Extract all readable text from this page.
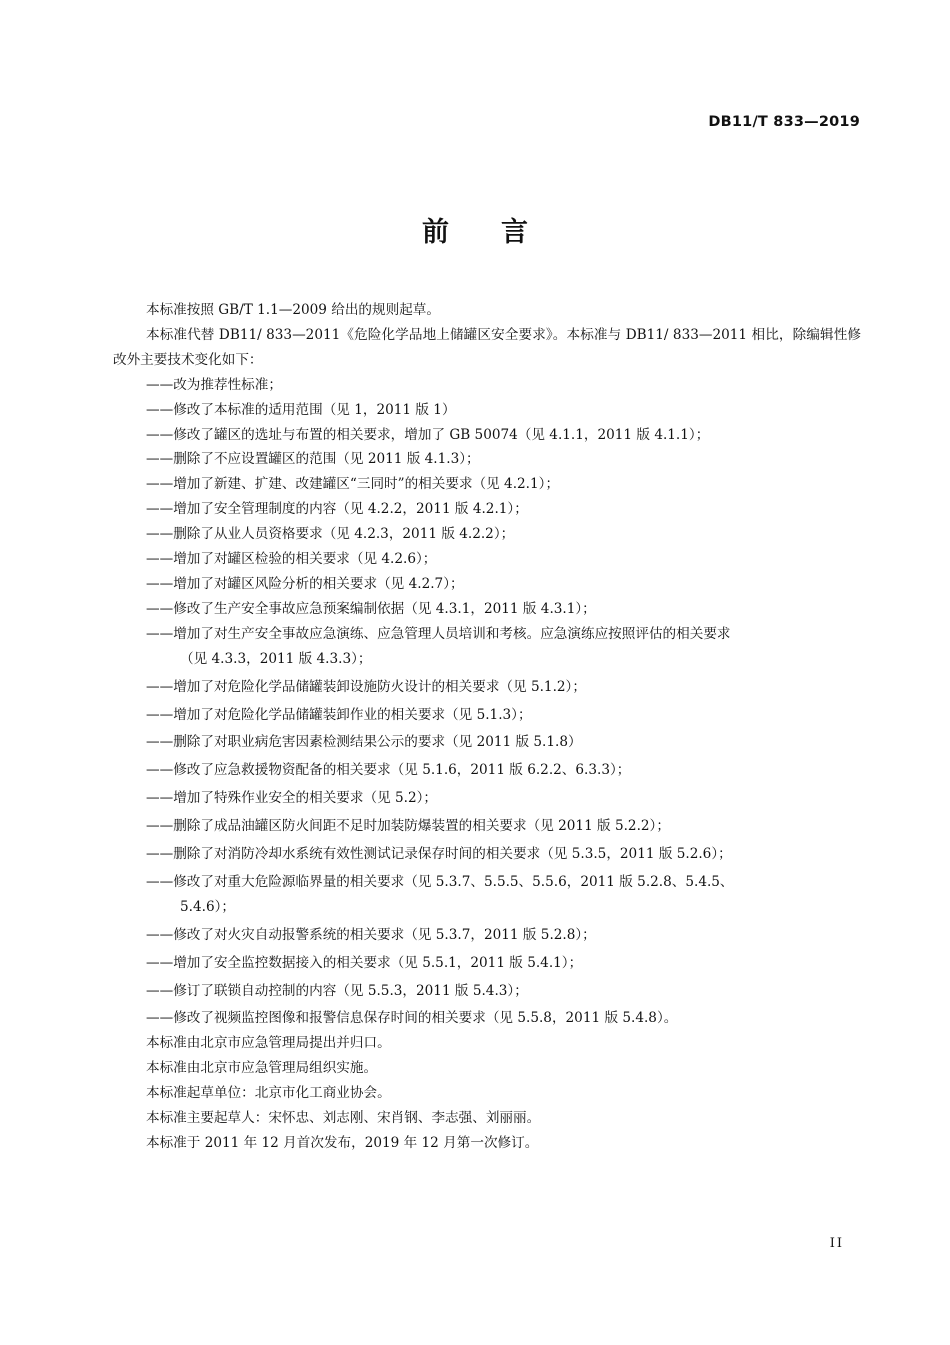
DB11/T 833—2019
前言

本标准按照 GB/T 1.1—2009 给出的规则起草。

本标准代替 DB11/ 833—2011《危险化学品地上储罐区安全要求》。本标准与 DB11/ 833—2011 相比，除编辑性修改外主要技术变化如下：

——改为推荐性标准；

——修改了本标准的适用范围（见 1，2011 版 1）

——修改了罐区的选址与布置的相关要求，增加了 GB 50074（见 4.1.1，2011 版 4.1.1）；

——删除了不应设置罐区的范围（见 2011 版 4.1.3）；

——增加了新建、扩建、改建罐区“三同时”的相关要求（见 4.2.1）；

——增加了安全管理制度的内容（见 4.2.2，2011 版 4.2.1）；

——删除了从业人员资格要求（见 4.2.3，2011 版 4.2.2）；

——增加了对罐区检验的相关要求（见 4.2.6）；

——增加了对罐区风险分析的相关要求（见 4.2.7）；

——修改了生产安全事故应急预案编制依据（见 4.3.1，2011 版 4.3.1）；

——增加了对生产安全事故应急演练、应急管理人员培训和考核。应急演练应按照评估的相关要求
（见 4.3.3，2011 版 4.3.3）；

——增加了对危险化学品储罐装卸设施防火设计的相关要求（见 5.1.2）；

——增加了对危险化学品储罐装卸作业的相关要求（见 5.1.3）；

——删除了对职业病危害因素检测结果公示的要求（见 2011 版 5.1.8）

——修改了应急救援物资配备的相关要求（见 5.1.6，2011 版 6.2.2、6.3.3）；

——增加了特殊作业安全的相关要求（见 5.2）；

——删除了成品油罐区防火间距不足时加装防爆装置的相关要求（见 2011 版 5.2.2）；

——删除了对消防冷却水系统有效性测试记录保存时间的相关要求（见 5.3.5，2011 版 5.2.6）；

——修改了对重大危险源临界量的相关要求（见 5.3.7、5.5.5、5.5.6，2011 版 5.2.8、5.4.5、
5.4.6）；

——修改了对火灾自动报警系统的相关要求（见 5.3.7，2011 版 5.2.8）；

——增加了安全监控数据接入的相关要求（见 5.5.1，2011 版 5.4.1）；

——修订了联锁自动控制的内容（见 5.5.3，2011 版 5.4.3）；

——修改了视频监控图像和报警信息保存时间的相关要求（见 5.5.8，2011 版 5.4.8）。

本标准由北京市应急管理局提出并归口。

本标准由北京市应急管理局组织实施。

本标准起草单位：北京市化工商业协会。

本标准主要起草人：宋怀忠、刘志刚、宋肖钢、李志强、刘丽丽。

本标准于 2011 年 12 月首次发布，2019 年 12 月第一次修订。

II
